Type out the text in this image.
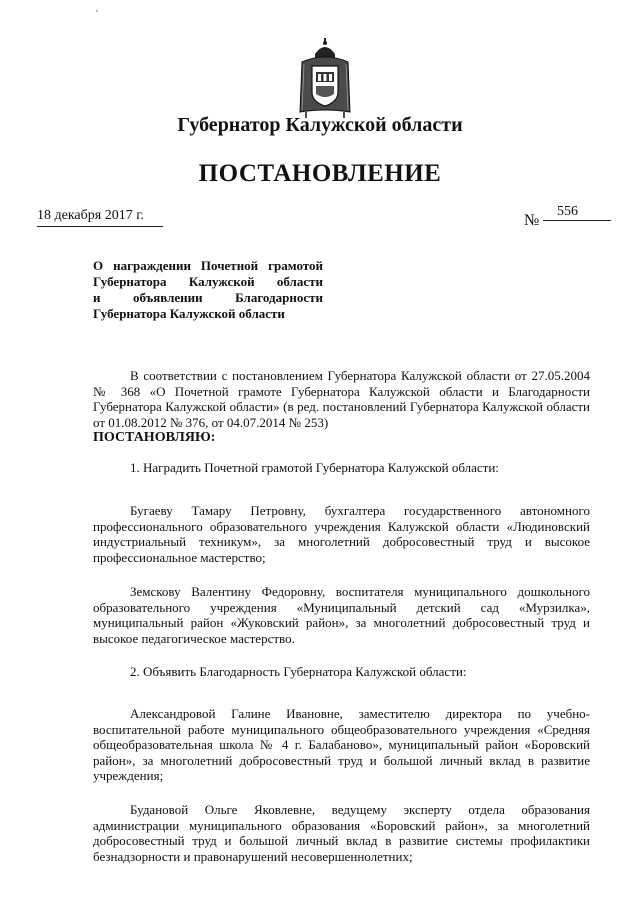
Губернатор Калужской области
ПОСТАНОВЛЕНИЕ
18 декабря 2017 г.	№
556
О награждении Почетной грамотой
Губернатора Калужской области
и объявлении Благодарности
Губернатора Калужской области
В соответствии с постановлением Губернатора Калужской области от 27.05.2004 № 368 «О Почетной грамоте Губернатора Калужской области и Благодарности Губернатора Калужской области» (в ред. постановлений Губернатора Калужской области от 01.08.2012 № 376, от 04.07.2014 № 253)
ПОСТАНОВЛЯЮ:
1. Наградить Почетной грамотой Губернатора Калужской области:
Бугаеву Тамару Петровну, бухгалтера государственного автономного профессионального образовательного учреждения Калужской области «Людиновский индустриальный техникум», за многолетний добросовестный труд и высокое профессиональное мастерство;
Земскову Валентину Федоровну, воспитателя муниципального дошкольного образовательного учреждения «Муниципальный детский сад «Мурзилка», муниципальный район «Жуковский район», за многолетний добросовестный труд и высокое педагогическое мастерство.
2. Объявить Благодарность Губернатора Калужской области:
Александровой Галине Ивановне, заместителю директора по учебно-воспитательной работе муниципального общеобразовательного учреждения «Средняя общеобразовательная школа № 4 г. Балабаново», муниципальный район «Боровский район», за многолетний добросовестный труд и большой личный вклад в развитие учреждения;
Будановой Ольге Яковлевне, ведущему эксперту отдела образования администрации муниципального образования «Боровский район», за многолетний добросовестный труд и большой личный вклад в развитие системы профилактики безнадзорности и правонарушений несовершеннолетних;
